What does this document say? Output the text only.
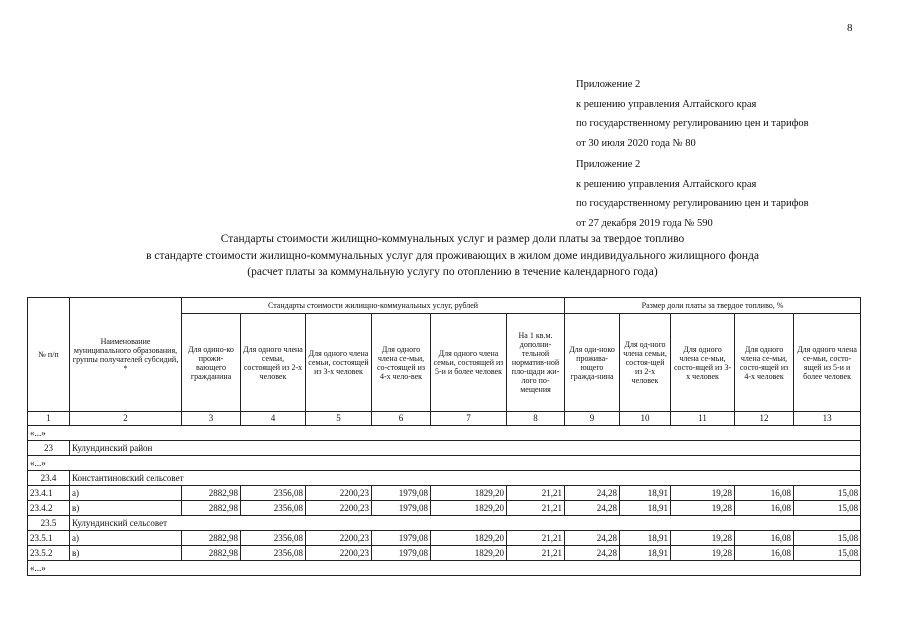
8
Приложение 2
к решению управления Алтайского края
по государственному регулированию цен и тарифов
от 30 июля 2020 года № 80
Приложение 2
к решению управления Алтайского края
по государственному регулированию цен и тарифов
от 27 декабря 2019 года № 590
Стандарты стоимости жилищно-коммунальных услуг и размер доли платы за твердое топливо
в стандарте стоимости жилищно-коммунальных услуг для проживающих в жилом доме индивидуального жилищного фонда
(расчет платы за коммунальную услугу по отоплению в течение календарного года)
№ п/п	Наименование муниципального образования, группы получателей субсидий, *	Стандарты стоимости жилищно-коммунальных услуг, рублей						Размер доли платы за твердое топливо, %				
		Для одино-ко прожи-вающего гражданина	Для одного члена семьи, состоящей из 2-х человек	Для одного члена семьи, состоящей из 3-х человек	Для одного члена се-мьи, со-стоящей из 4-х чело-век	Для одного члена семьи, состоящей из 5-и и более человек	На 1 кв.м. дополни-тельной норматив-ной пло-щади жи-лого по-мещения	Для оди-ноко прожива-ющего гражда-нина	Для од-ного члена семьи, состоя-щей из 2-х человек	Для одного члена се-мьи, состо-ящей из 3-х человек	Для одного члена се-мьи, состо-ящей из 4-х человек	Для одного члена се-мьи, состо-ящей из 5-и и более человек
1	2	3	4	5	6	7	8	9	10	11	12	13
«...»												
23	Кулундинский район											
«...»												
23.4	Константиновский сельсовет											
23.4.1	а)	2882,98	2356,08	2200,23	1979,08	1829,20	21,21	24,28	18,91	19,28	16,08	15,08
23.4.2	в)	2882,98	2356,08	2200,23	1979,08	1829,20	21,21	24,28	18,91	19,28	16,08	15,08
23.5	Кулундинский сельсовет											
23.5.1	а)	2882,98	2356,08	2200,23	1979,08	1829,20	21,21	24,28	18,91	19,28	16,08	15,08
23.5.2	в)	2882,98	2356,08	2200,23	1979,08	1829,20	21,21	24,28	18,91	19,28	16,08	15,08
«...»												
